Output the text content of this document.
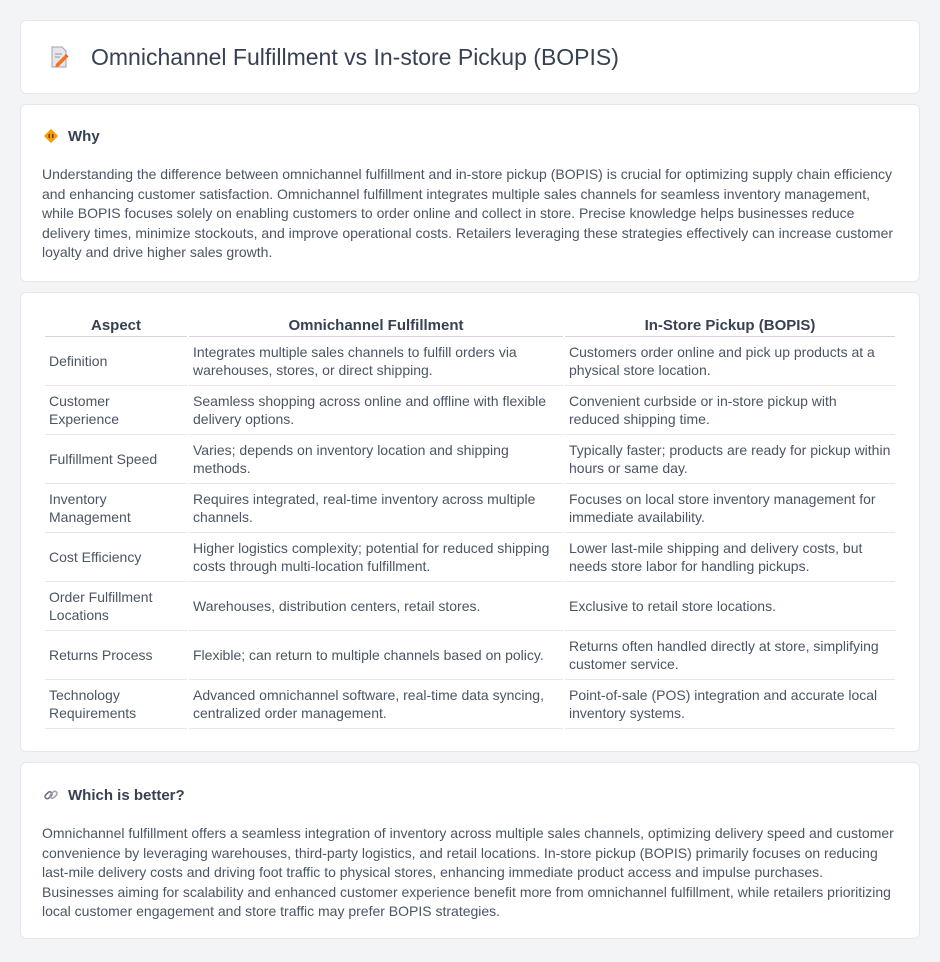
Omnichannel Fulfillment vs In-store Pickup (BOPIS)
Why

Understanding the difference between omnichannel fulfillment and in-store pickup (BOPIS) is crucial for optimizing supply chain efficiency and enhancing customer satisfaction. Omnichannel fulfillment integrates multiple sales channels for seamless inventory management, while BOPIS focuses solely on enabling customers to order online and collect in store. Precise knowledge helps businesses reduce delivery times, minimize stockouts, and improve operational costs. Retailers leveraging these strategies effectively can increase customer loyalty and drive higher sales growth.

Aspect	Omnichannel Fulfillment	In-Store Pickup (BOPIS)
Definition	Integrates multiple sales channels to fulfill orders via warehouses, stores, or direct shipping.	Customers order online and pick up products at a physical store location.
Customer Experience	Seamless shopping across online and offline with flexible delivery options.	Convenient curbside or in-store pickup with reduced shipping time.
Fulfillment Speed	Varies; depends on inventory location and shipping methods.	Typically faster; products are ready for pickup within hours or same day.
Inventory Management	Requires integrated, real-time inventory across multiple channels.	Focuses on local store inventory management for immediate availability.
Cost Efficiency	Higher logistics complexity; potential for reduced shipping costs through multi-location fulfillment.	Lower last-mile shipping and delivery costs, but needs store labor for handling pickups.
Order Fulfillment Locations	Warehouses, distribution centers, retail stores.	Exclusive to retail store locations.
Returns Process	Flexible; can return to multiple channels based on policy.	Returns often handled directly at store, simplifying customer service.
Technology Requirements	Advanced omnichannel software, real-time data syncing, centralized order management.	Point-of-sale (POS) integration and accurate local inventory systems.
Which is better?

Omnichannel fulfillment offers a seamless integration of inventory across multiple sales channels, optimizing delivery speed and customer convenience by leveraging warehouses, third-party logistics, and retail locations. In-store pickup (BOPIS) primarily focuses on reducing last-mile delivery costs and driving foot traffic to physical stores, enhancing immediate product access and impulse purchases. Businesses aiming for scalability and enhanced customer experience benefit more from omnichannel fulfillment, while retailers prioritizing local customer engagement and store traffic may prefer BOPIS strategies.
